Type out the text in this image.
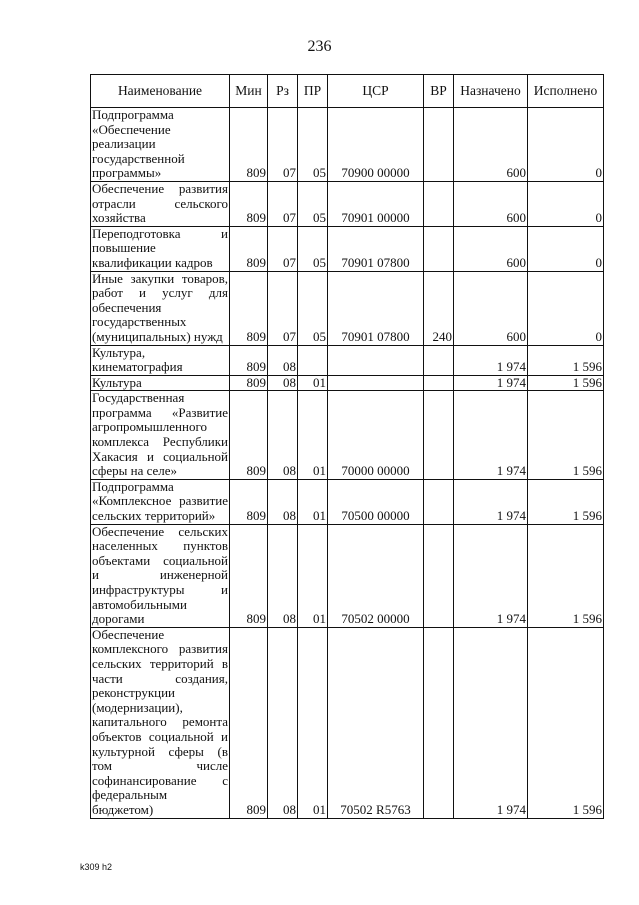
236
Наименование	Мин	Рз	ПР	ЦСР	ВР	Назначено	Исполнено
Подпрограмма «Обеспечение реализации государственной программы»	809	07	05	70900 00000		600	0
Обеспечение развития отрасли сельского хозяйства	809	07	05	70901 00000		600	0
Переподготовка и повышение квалификации кадров	809	07	05	70901 07800		600	0
Иные закупки товаров, работ и услуг для обеспечения государственных (муниципальных) нужд	809	07	05	70901 07800	240	600	0
Культура, кинематография	809	08				1 974	1 596
Культура	809	08	01			1 974	1 596
Государственная программа «Развитие агропромышленного комплекса Республики Хакасия и социальной сферы на селе»	809	08	01	70000 00000		1 974	1 596
Подпрограмма «Комплексное развитие сельских территорий»	809	08	01	70500 00000		1 974	1 596
Обеспечение сельских населенных пунктов объектами социальной и инженерной инфраструктуры и автомобильными дорогами	809	08	01	70502 00000		1 974	1 596
Обеспечение комплексного развития сельских территорий в части создания, реконструкции (модернизации), капитального ремонта объектов социальной и культурной сферы (в том числе софинансирование с федеральным бюджетом)	809	08	01	70502 R5763		1 974	1 596
k309 h2
